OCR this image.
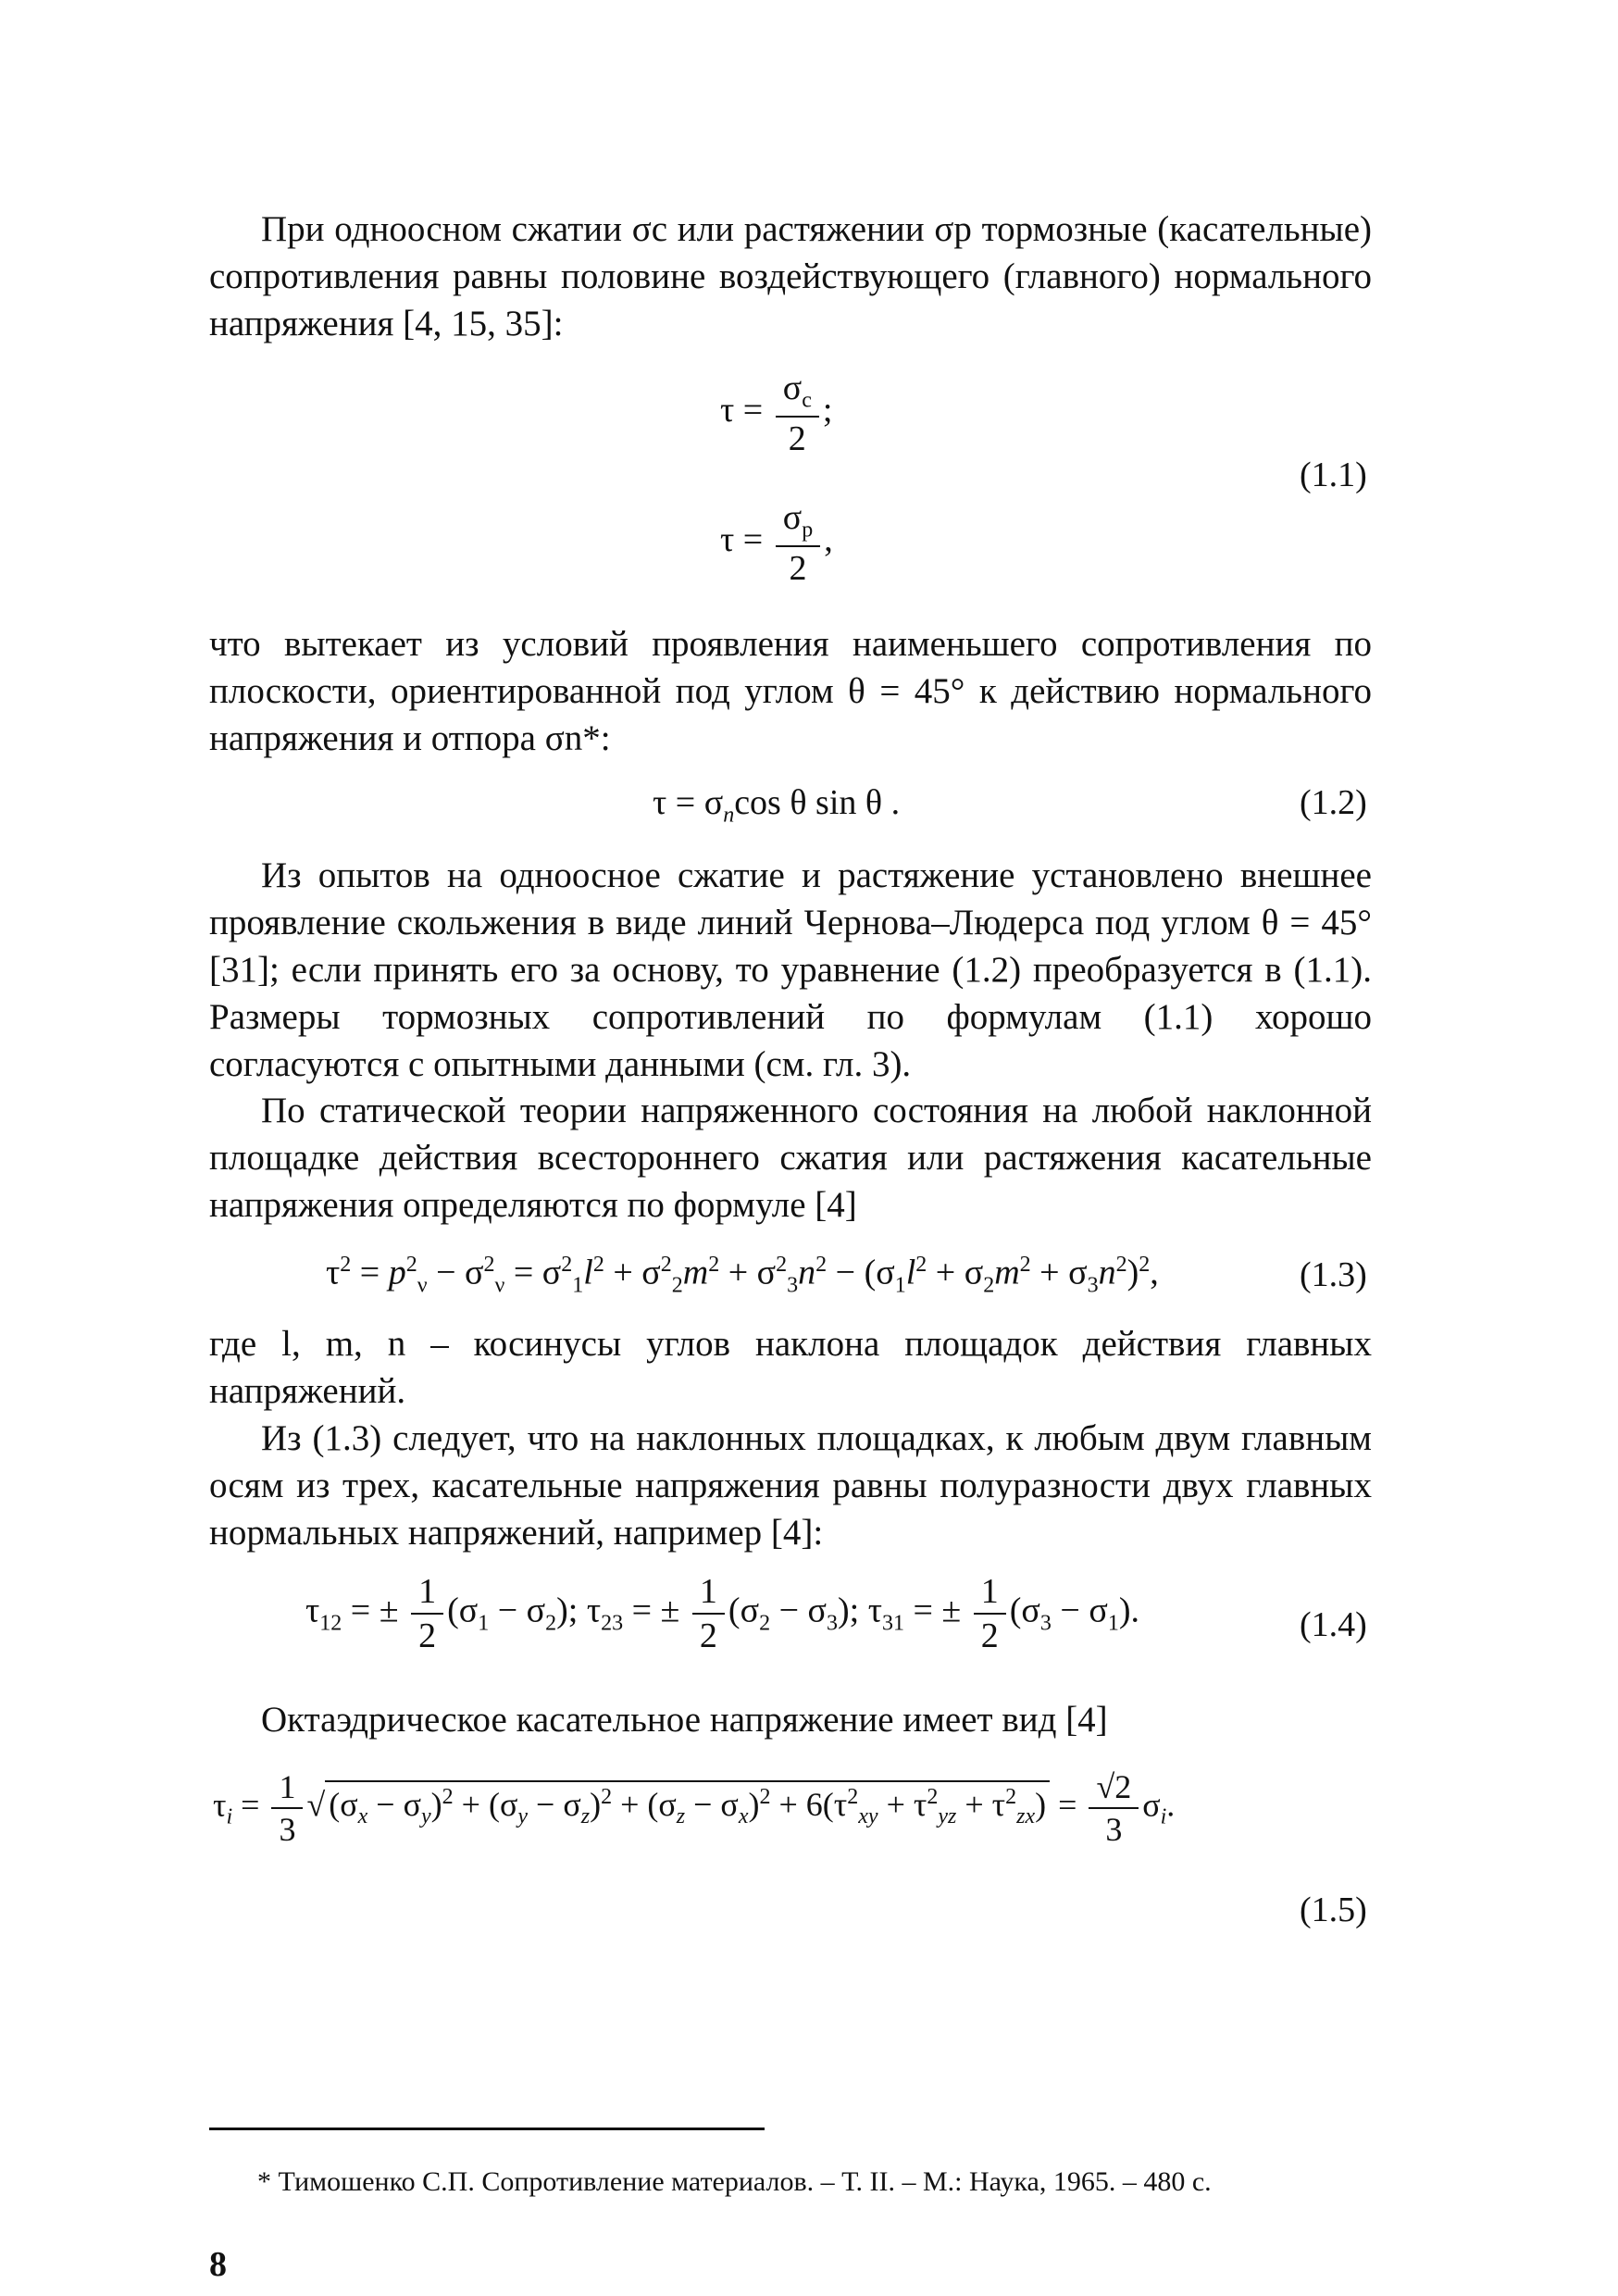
При одноосном сжатии σc или растяжении σp тормозные (касательные) сопротивления равны половине воздействующего (главного) нормального напряжения [4, 15, 35]:

$\tau = \frac{\sigma_c}{2}$ ;
$\tau = \frac{\sigma_p}{2}$ ,
(1.1)

что вытекает из условий проявления наименьшего сопротивления по плоскости, ориентированной под углом θ = 45° к действию нормального напряжения и отпора σn*:

$\tau = \sigma_n\cos$ θ sin θ .	(1.2)

Из опытов на одноосное сжатие и растяжение установлено внешнее проявление скольжения в виде линий Чернова–Людерса под углом θ = 45° [31]; если принять его за основу, то уравнение (1.2) преобразуется в (1.1). Размеры тормозных сопротивлений по формулам (1.1) хорошо согласуются с опытными данными (см. гл. 3).

По статической теории напряженного состояния на любой наклонной площадке действия всестороннего сжатия или растяжения касательные напряжения определяются по формуле [4]

$\tau^2 = p^2_\nu - \sigma^2_\nu = \sigma^2_1l^2 + \sigma^2_2m^2 + \sigma^2_3n^2 - (\sigma_1l^2 + \sigma_2m^2 + \sigma_3n^2)^2$,	(1.3)

где l, m, n – косинусы углов наклона площадок действия главных напряжений.

Из (1.3) следует, что на наклонных площадках, к любым двум главным осям из трех, касательные напряжения равны полуразности двух главных нормальных напряжений, например [4]:

$\tau_{12}$ = ± $\frac{1}{2} (\sigma_1 - \sigma_2)$; $\tau_{23}$ = ± $\frac{1}{2} (\sigma_2 - \sigma_3)$; $\tau_{31}$ = ± $\frac{1}{2} (\sigma_3 - \sigma_1)$.	(1.4)

Октаэдрическое касательное напряжение имеет вид [4]

$\tau_i = \frac{1}{3}$ √ $(\sigma_x - \sigma_y)^2 + (\sigma_y - \sigma_z)^2 + (\sigma_z - \sigma_x)^2 + 6(\tau^2_{xy} + \tau^2_{yz} + \tau^2_{zx}) = \frac{√2}{3} \sigma_i$.
(1.5)
* Тимошенко С.П. Сопротивление материалов. – Т. II. – М.: Наука, 1965. – 480 с.
8
